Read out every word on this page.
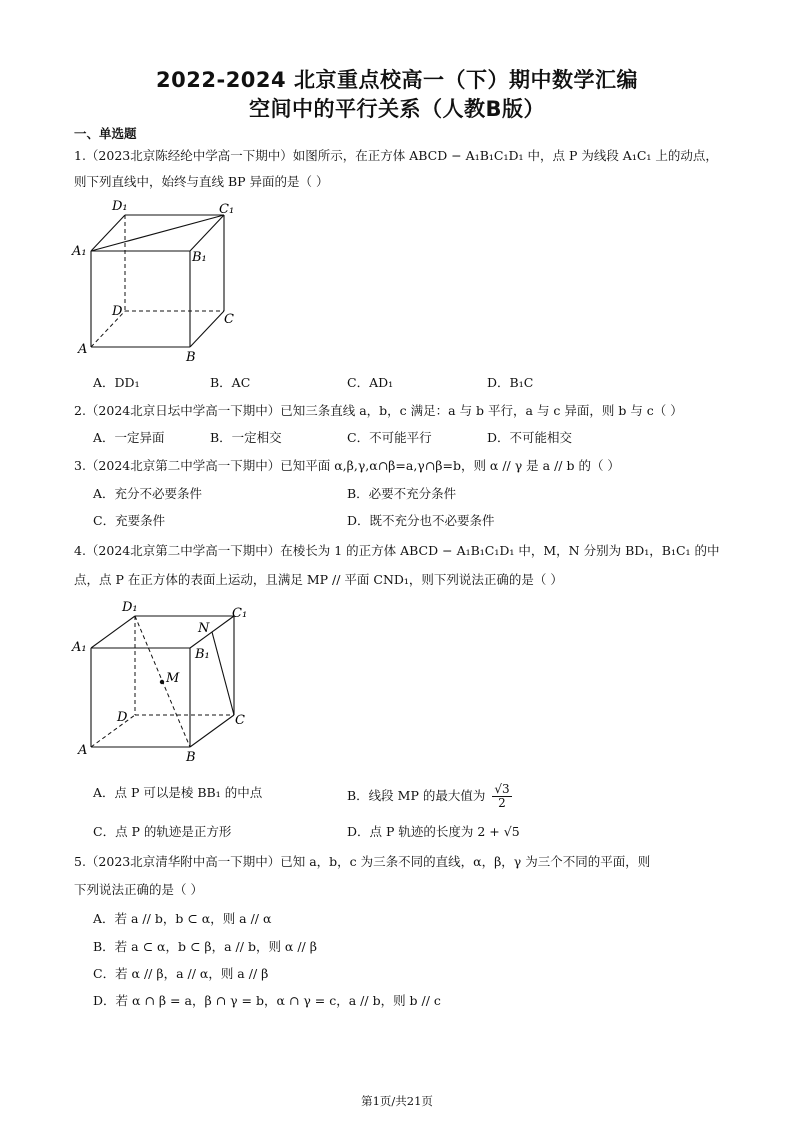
2022-2024 北京重点校高一（下）期中数学汇编
空间中的平行关系（人教B版）
一、单选题
1.（2023北京陈经纶中学高一下期中）如图所示，在正方体 ABCD − A₁B₁C₁D₁ 中，点 P 为线段 A₁C₁ 上的动点，
则下列直线中，始终与直线 BP 异面的是（ ）
D₁	C₁
A₁	B₁
D
C
A
B
A．DD₁	B．AC	C．AD₁	D．B₁C
2.（2024北京日坛中学高一下期中）已知三条直线 a，b，c 满足：a 与 b 平行，a 与 c 异面，则 b 与 c（ ）
A．一定异面	B．一定相交	C．不可能平行	D．不可能相交
3.（2024北京第二中学高一下期中）已知平面 α,β,γ,α∩β=a,γ∩β=b，则 α // γ 是 a // b 的（ ）
A．充分不必要条件	B．必要不充分条件
C．充要条件	D．既不充分也不必要条件
4.（2024北京第二中学高一下期中）在棱长为 1 的正方体 ABCD − A₁B₁C₁D₁ 中，M，N 分别为 BD₁，B₁C₁ 的中
点，点 P 在正方体的表面上运动，且满足 MP // 平面 CND₁，则下列说法正确的是（ ）
D₁	C₁
N
A₁	B₁
M
D	C
A	B
A．点 P 可以是棱 BB₁ 的中点	B．线段 MP 的最大值为 $\frac{√3}{2}$
C．点 P 的轨迹是正方形	D．点 P 轨迹的长度为 2 + √5
5.（2023北京清华附中高一下期中）已知 a，b，c 为三条不同的直线，α，β，γ 为三个不同的平面，则
下列说法正确的是（ ）
A．若 a // b，b ⊂ α，则 a // α
B．若 a ⊂ α，b ⊂ β，a // b，则 α // β
C．若 α // β，a // α，则 a // β
D．若 α ∩ β = a，β ∩ γ = b，α ∩ γ = c，a // b，则 b // c
第1页/共21页
